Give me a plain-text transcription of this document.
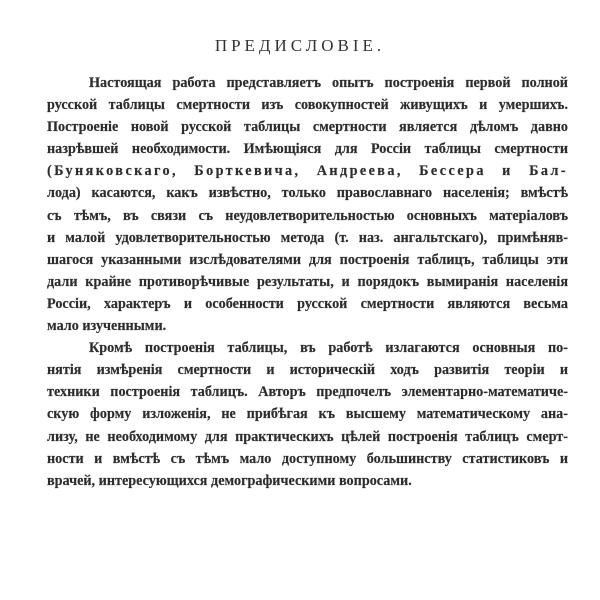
ПРЕДИСЛОВІЕ.
Настоящая работа представляетъ опытъ построенія первой полной
русской таблицы смертности изъ совокупностей живущихъ и умершихъ.
Построеніе новой русской таблицы смертности является дѣломъ давно
назрѣвшей необходимости. Имѣющіяся для Россіи таблицы смертности
(Буняковскаго, Борткевича, Андреева, Бессера и Бал-
лода) касаются, какъ извѣстно, только православнаго населенія; вмѣстѣ
съ тѣмъ, въ связи съ неудовлетворительностью основныхъ матеріаловъ
и малой удовлетворительностью метода (т. наз. ангальтскаго), примѣняв-
шагося указанными изслѣдователями для построенія таблицъ, таблицы эти
дали крайне противорѣчивые результаты, и порядокъ вымиранія населенія
Россіи, характеръ и особенности русской смертности являются весьма
мало изученными.
Кромѣ построенія таблицы, въ работѣ излагаются основныя по-
нятія измѣренія смертности и историческій ходъ развитія теоріи и
техники построенія таблицъ. Авторъ предпочелъ элементарно-математиче-
скую форму изложенія, не прибѣгая къ высшему математическому ана-
лизу, не необходимому для практическихъ цѣлей построенія таблицъ смерт-
ности и вмѣстѣ съ тѣмъ мало доступному большинству статистиковъ и
врачей, интересующихся демографическими вопросами.
